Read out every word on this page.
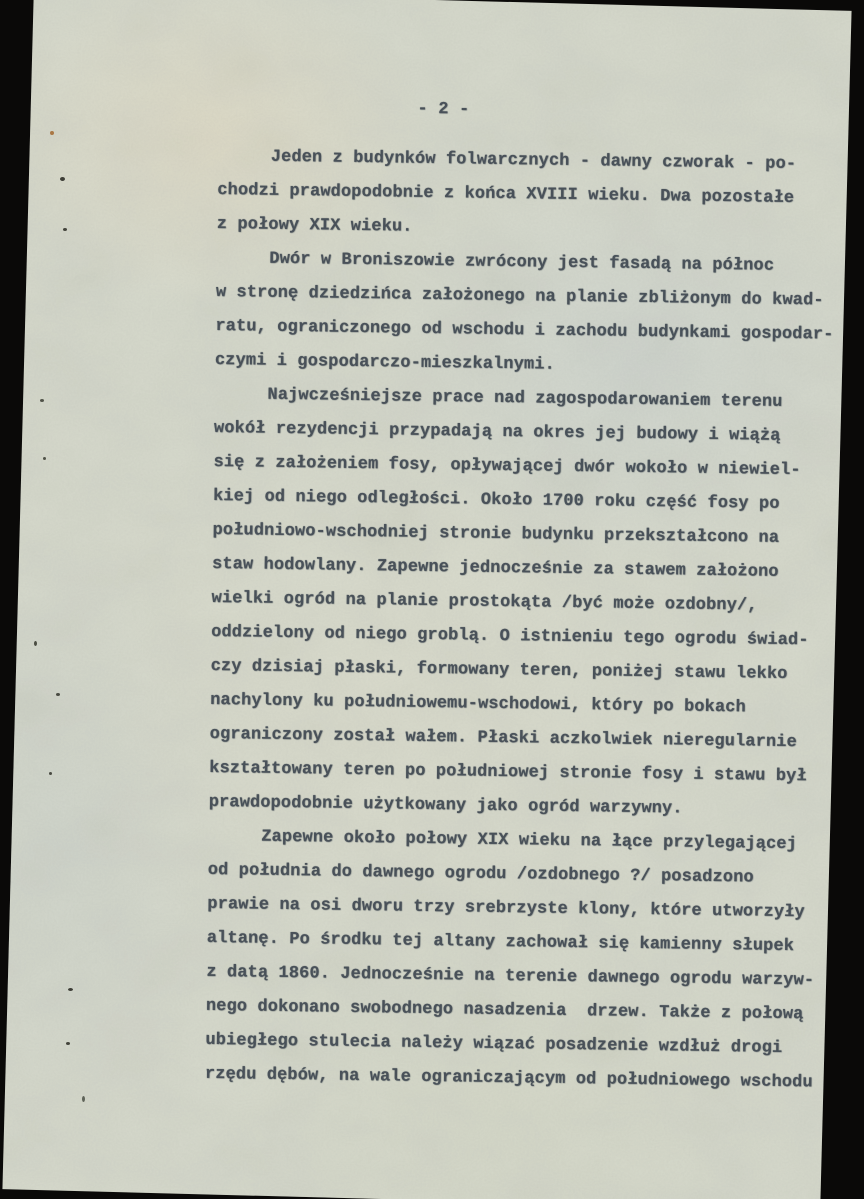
- 2 -
Jeden z budynków folwarcznych - dawny czworak - po-
chodzi prawdopodobnie z końca XVIII wieku. Dwa pozostałe
z połowy XIX wieku.
Dwór w Broniszowie zwrócony jest fasadą na północ
w stronę dziedzińca założonego na planie zbliżonym do kwad-
ratu, ograniczonego od wschodu i zachodu budynkami gospodar-
czymi i gospodarczo-mieszkalnymi.
Najwcześniejsze prace nad zagospodarowaniem terenu
wokół rezydencji przypadają na okres jej budowy i wiążą
się z założeniem fosy, opływającej dwór wokoło w niewiel-
kiej od niego odległości. Około 1700 roku część fosy po
południowo-wschodniej stronie budynku przekształcono na
staw hodowlany. Zapewne jednocześnie za stawem założono
wielki ogród na planie prostokąta /być może ozdobny/,
oddzielony od niego groblą. O istnieniu tego ogrodu świad-
czy dzisiaj płaski, formowany teren, poniżej stawu lekko
nachylony ku południowemu-wschodowi, który po bokach
ograniczony został wałem. Płaski aczkolwiek nieregularnie
kształtowany teren po południowej stronie fosy i stawu był
prawdopodobnie użytkowany jako ogród warzywny.
Zapewne około połowy XIX wieku na łące przylegającej
od południa do dawnego ogrodu /ozdobnego ?/ posadzono
prawie na osi dworu trzy srebrzyste klony, które utworzyły
altanę. Po środku tej altany zachował się kamienny słupek
z datą 1860. Jednocześnie na terenie dawnego ogrodu warzyw-
nego dokonano swobodnego nasadzenia  drzew. Także z połową
ubiegłego stulecia należy wiązać posadzenie wzdłuż drogi
rzędu dębów, na wale ograniczającym od południowego wschodu
